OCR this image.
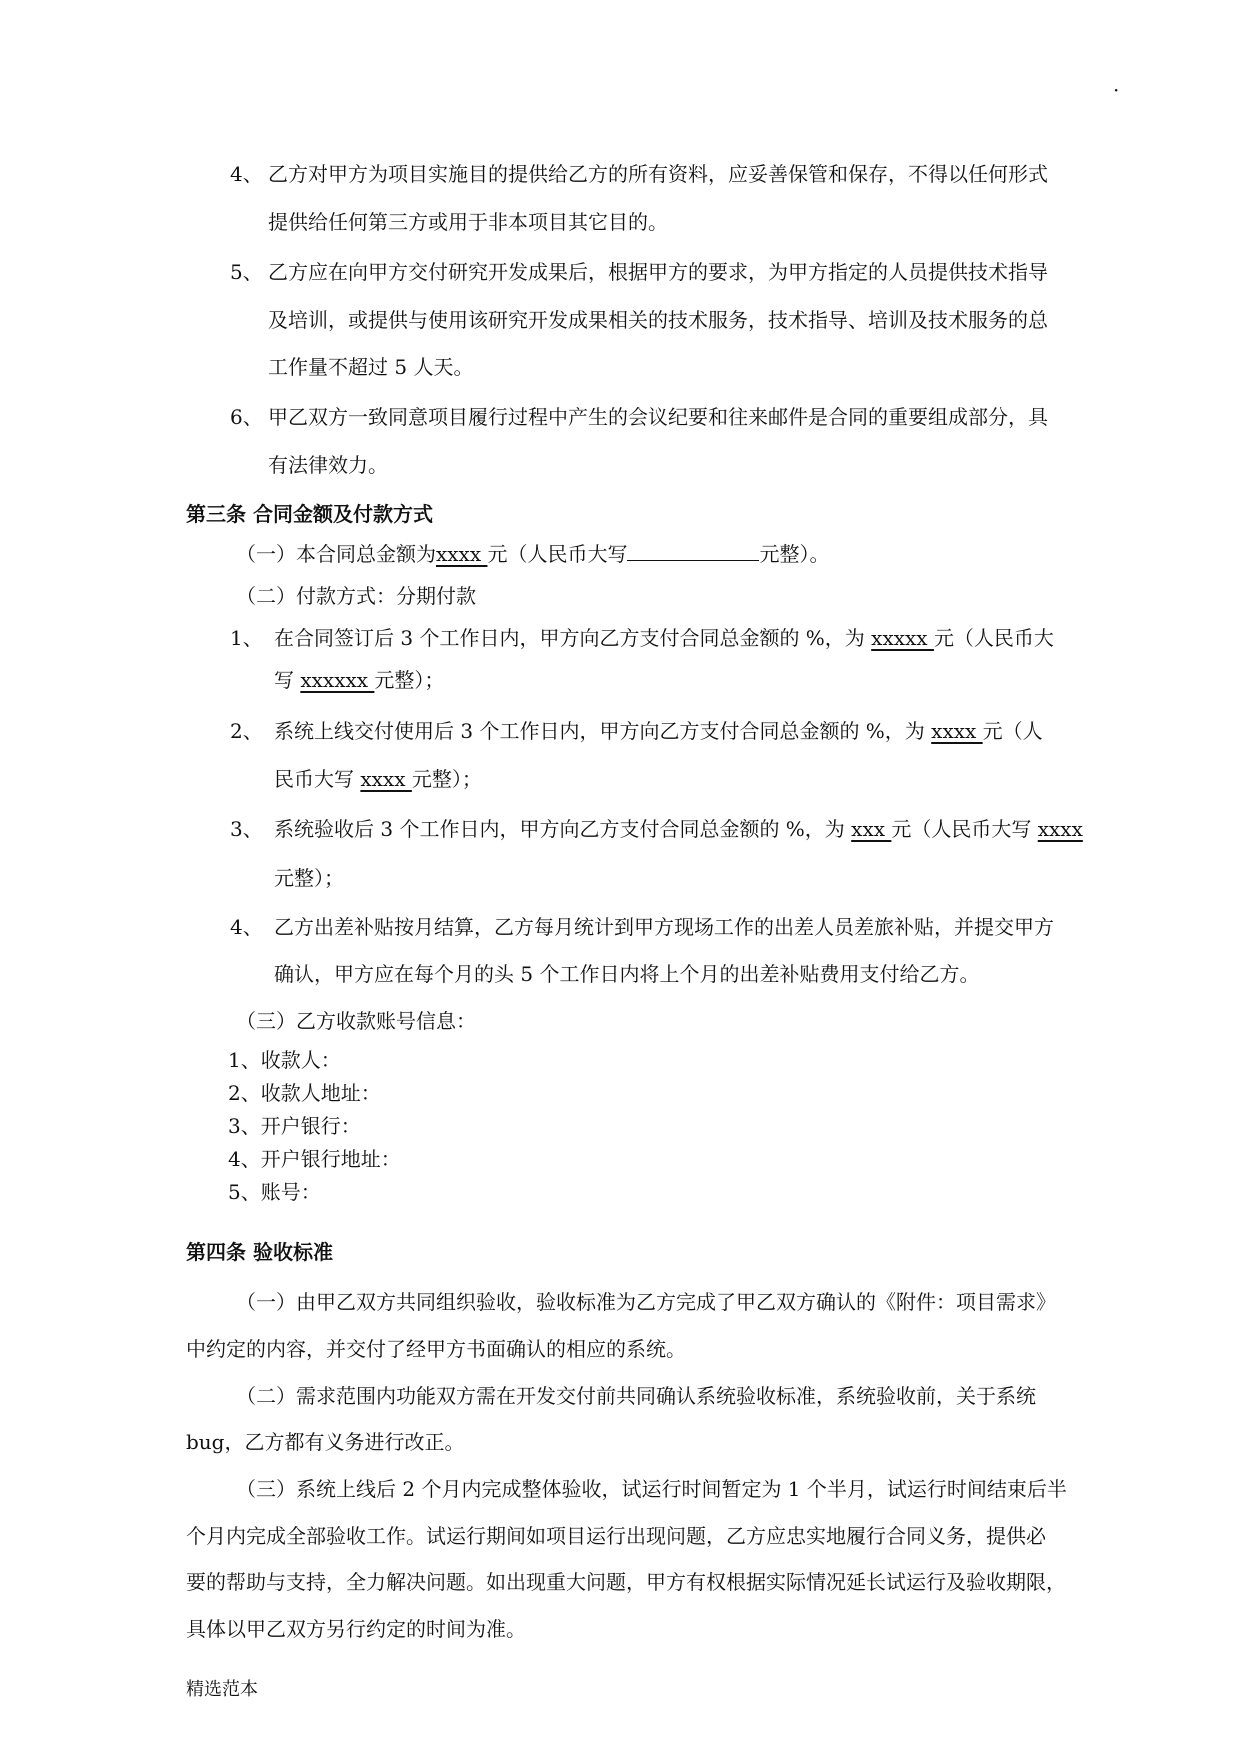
·
4、 乙方对甲方为项目实施目的提供给乙方的所有资料，应妥善保管和保存，不得以任何形式
提供给任何第三方或用于非本项目其它目的。
5、 乙方应在向甲方交付研究开发成果后，根据甲方的要求，为甲方指定的人员提供技术指导
及培训，或提供与使用该研究开发成果相关的技术服务，技术指导、培训及技术服务的总
工作量不超过 5 人天。
6、 甲乙双方一致同意项目履行过程中产生的会议纪要和往来邮件是合同的重要组成部分，具
有法律效力。
第三条 合同金额及付款方式
（一）本合同总金额为xxxx 元（人民币大写	元整）。
（二）付款方式：分期付款
1、 在合同签订后 3 个工作日内，甲方向乙方支付合同总金额的 %，为 xxxxx 元（人民币大
写 xxxxxx 元整）；
2、 系统上线交付使用后 3 个工作日内，甲方向乙方支付合同总金额的 %，为 xxxx 元（人
民币大写 xxxx 元整）；
3、 系统验收后 3 个工作日内，甲方向乙方支付合同总金额的 %，为 xxx 元（人民币大写 xxxx
元整）；
4、 乙方出差补贴按月结算，乙方每月统计到甲方现场工作的出差人员差旅补贴，并提交甲方
确认，甲方应在每个月的头 5 个工作日内将上个月的出差补贴费用支付给乙方。
（三）乙方收款账号信息：
1、收款人：
2、收款人地址：
3、开户银行：
4、开户银行地址：
5、账号：
第四条 验收标准
（一）由甲乙双方共同组织验收，验收标准为乙方完成了甲乙双方确认的《附件：项目需求》
中约定的内容，并交付了经甲方书面确认的相应的系统。
（二）需求范围内功能双方需在开发交付前共同确认系统验收标准，系统验收前，关于系统
bug，乙方都有义务进行改正。
（三）系统上线后 2 个月内完成整体验收，试运行时间暂定为 1 个半月，试运行时间结束后半
个月内完成全部验收工作。试运行期间如项目运行出现问题，乙方应忠实地履行合同义务，提供必
要的帮助与支持，全力解决问题。如出现重大问题，甲方有权根据实际情况延长试运行及验收期限，
具体以甲乙双方另行约定的时间为准。
精选范本
